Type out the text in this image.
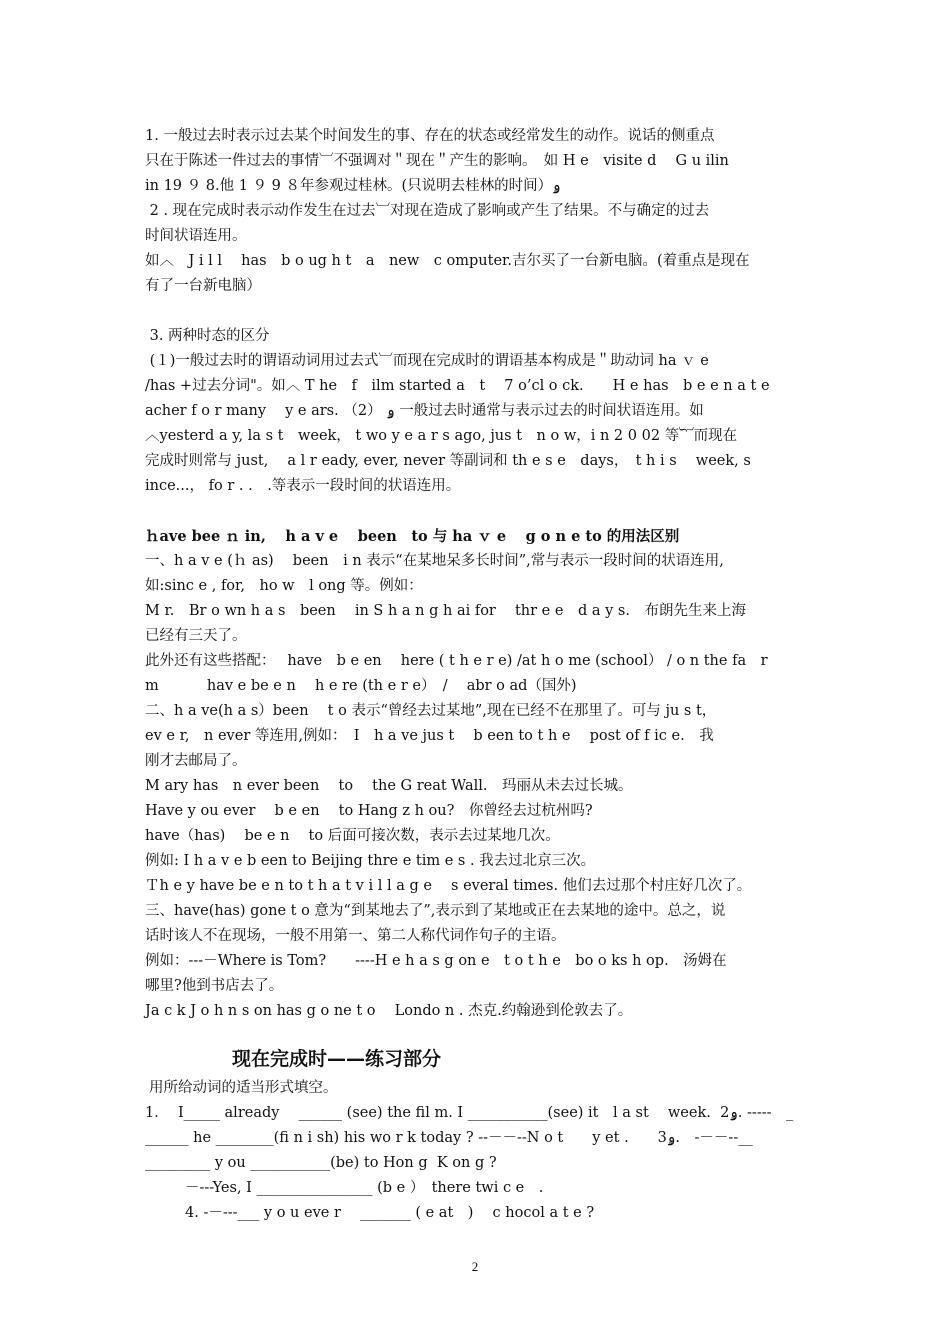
1. 一般过去时表示过去某个时间发生的事、存在的状态或经常发生的动作。说话的侧重点

只在于陈述一件过去的事情︺不强调对＂现在＂产生的影响。　如 H e　visite d　 G u ilin

in 19 ９ 8.他 1 ９ 9 ８年参观过桂林。(只说明去桂林的时间）ۅ

2 . 现在完成时表示动作发生在过去︺对现在造成了影响或产生了结果。不与确定的过去

时间状语连用。

如︿　J i l l　 has　b o ug h t　a　new　c omputer.吉尔买了一台新电脑。(着重点是现在

有了一台新电脑）

3. 两种时态的区分

(１)一般过去时的谓语动词用过去式︺而现在完成时的谓语基本构成是＂助动词 ha ｖ e

/has +过去分词"。如︿ T he　f　ilm started a　t　 7 o’cl o ck.　　H e has　b e e n a t e

acher f o r many　 y e ars. （2） ۅ 一般过去时通常与表示过去的时间状语连用。如

︿yesterd a y, la s t　week， t wo y e a r s ago, jus t　n o w，i n 2 0 02 等︸而现在

完成时则常与 just, 　a l r eady, ever, never 等副词和 th e s e　days，　t h i s　 week, s

ince...， fo r . .　.等表示一段时间的状语连用。

ｈave bee ｎ in, 　h a v e　 been　to 与 ha ｖ e　 g o n e to 的用法区别

一、h a v e (ｈ as)　 been　i n 表示“在某地呆多长时间”,常与表示一段时间的状语连用,

如:sinc e , for,　ho w　l ong 等。例如：

M r.　Br o wn h a s　been　 in S h a n g h ai for　 thr e e　d a y s.　布朗先生来上海

已经有三天了。

此外还有这些搭配：　 have　b e en　 here ( t h e r e) /at h o me (school） / o n the fa　r

m　　　 hav e be e n　 h e re (th e r e）　/　 abr o ad（国外)

二、h a ve(h a s）been　 t o 表示“曾经去过某地”,现在已经不在那里了。可与 ju s t，

ev e r,　n ever 等连用,例如：　I　h a ve jus t　 b een to t h e　 post of f ic e.　我

刚才去邮局了。

M ary has　n ever been　 to　 the G reat Wall.　玛丽从未去过长城。

Have y ou ever　 b e en　 to Hang z h ou?　你曾经去过杭州吗?

have（has)　 be e n　 to 后面可接次数，表示去过某地几次。

例如: I h a v e b een to Beijing thre e tim e s . 我去过北京三次。

Ｔh e y have be e n to t h a t v i l l a g e　 s everal times. 他们去过那个村庄好几次了。

三、have(has) gone t o 意为“到某地去了”,表示到了某地或正在去某地的途中。总之，说

话时该人不在现场，一般不用第一、第二人称代词作句子的主语。

例如：---－Where is Tom?　　----H e h a s g on e　t o t h e　bo o ks h op.　汤姆在

哪里?他到书店去了。

Ja c k J o h n s on has g o ne t o　 Londo n . 杰克.约翰逊到伦敦去了。

现在完成时——练习部分

用所给动词的适当形式填空。

1．  I_____ already　 ______ (see) the fil m. I ___________(see) it　l a st　 week.  2ۅ. -----　_

______ he ________(fi n i sh) his wo r k today ? --－－--N o t　　y et .　　3ۅ.　-－－--__

_________ y ou ___________(be) to Hon g  K on g ?

－---Yes, I ________________ (b e ）　there twi c e　.

4. -－---___ y o u eve r　 _______ ( e at　)　 c hocol a t e ?

2
